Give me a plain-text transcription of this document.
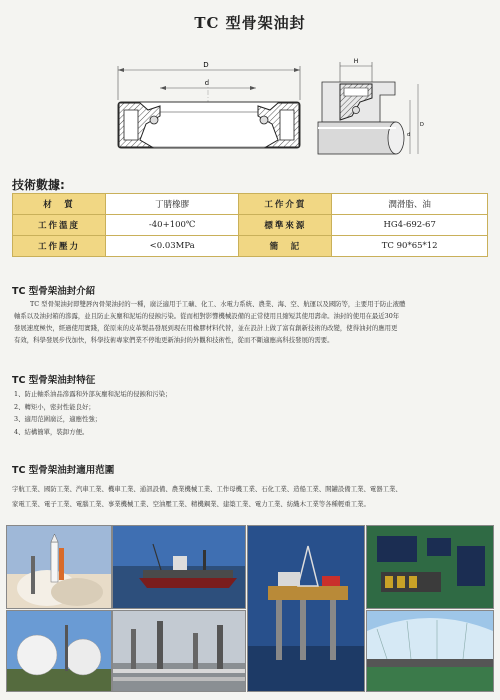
TC 型骨架油封
D
d
H
d
D
技術數據:
材　質	丁腈橡膠	工作介質	潤滑脂、油
工作溫度	-40+100℃	標準來源	HG4-692-67
工作壓力	<0.03MPa	簡　記	TC 90*65*12
TC 型骨架油封介紹
TC 型骨架油封即雙唇內骨架油封的一種，廣泛適用于工礦、化工、水電力系統、農業、海、空、航運以及國防等，主要用于防止液體
軸系以及油封箱的滲露，並且防止灰塵和泥垢的侵蝕污染。從而相對影響機械設備的正常使用且縮短其使用壽命。油封的使用在最近30年
發展速度極快，經過使用實踐，從原來的皮革製品發展到現在用橡膠材料代替，並在設計上做了富有創新技術的改變，使得油封的應用更
有效，科學發展步伐加快，科學技術專家們業不停地更新油封的外觀和技術性，從而不斷適應高科技發展的需要。
TC 型骨架油封特征
1、防止軸系油品滲露和外部灰塵和泥垢的侵蝕和污染；
2、轉矩小，密封性能良好；
3、適用范圍廣泛，適應性強；
4、結構簡單，裝卸方便。
TC 型骨架油封適用范圍
宇航工業、國防工業、汽車工業、機車工業、通訊設備、農業機械工業、工作母機工業、石化工業、造船工業、開罐設備工業、電器工業、
家電工業、電子工業、電腦工業、事業機械工業、空油壓工業、精機鋼業、建築工業、電力工業、紡織木工業等各種輕重工業。
